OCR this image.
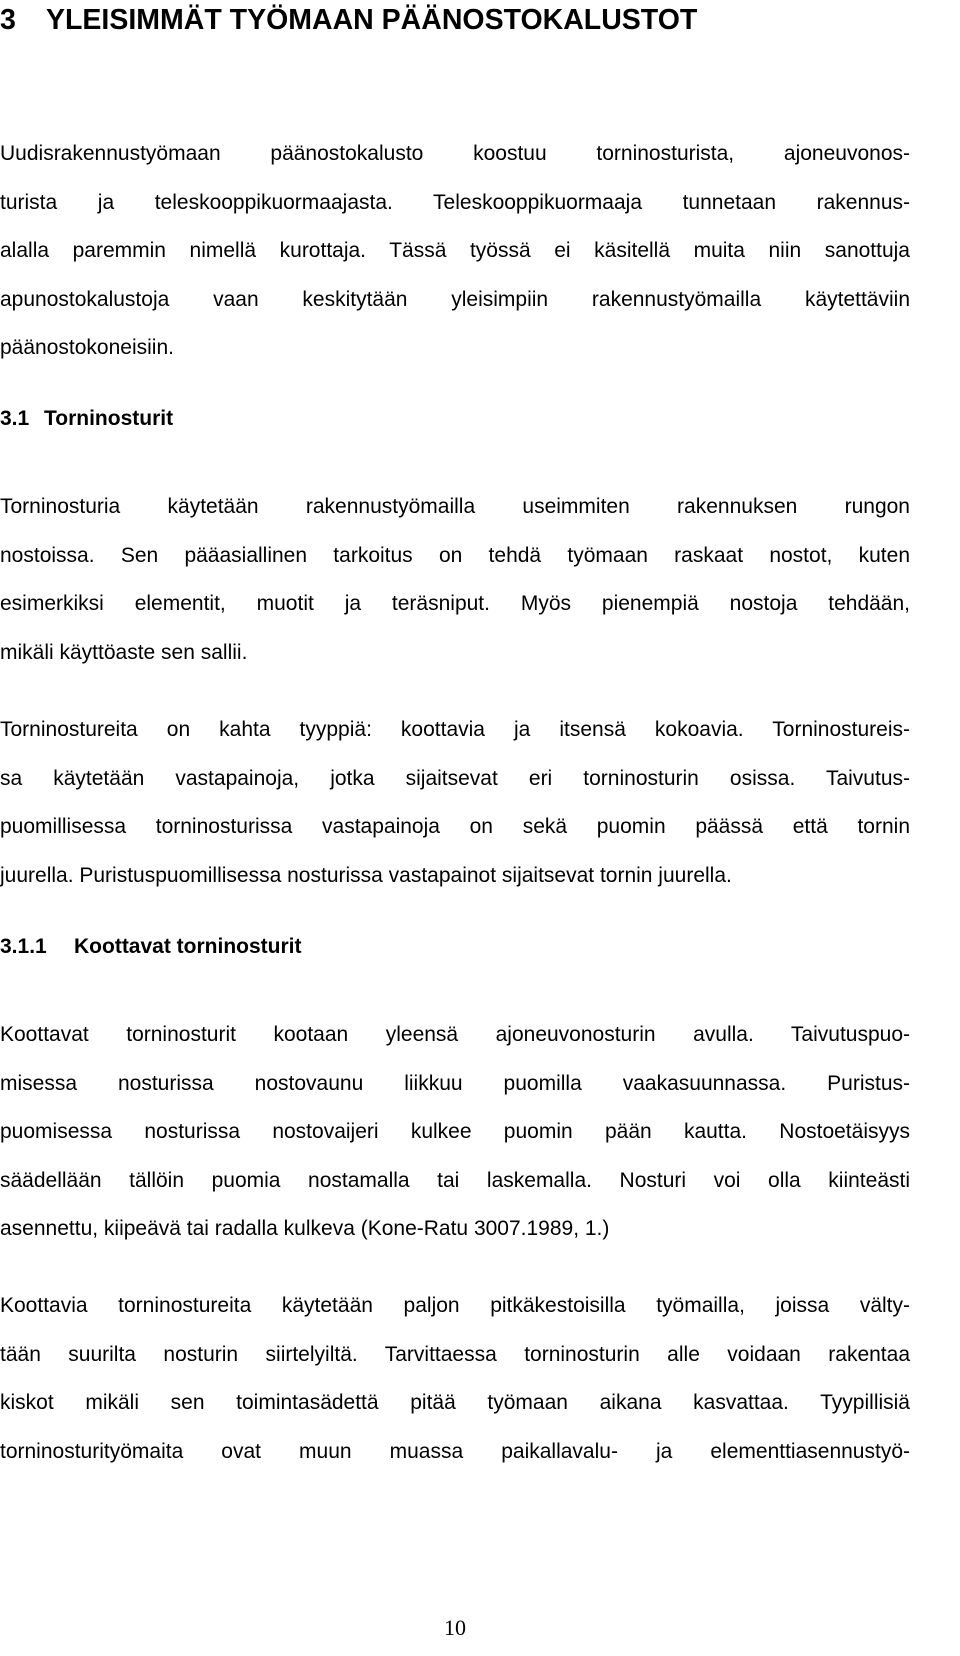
3 YLEISIMMÄT TYÖMAAN PÄÄNOSTOKALUSTOT
Uudisrakennustyömaan päänostokalusto koostuu torninosturista, ajoneuvonos-
turista ja teleskooppikuormaajasta. Teleskooppikuormaaja tunnetaan rakennus-
alalla paremmin nimellä kurottaja. Tässä työssä ei käsitellä muita niin sanottuja
apunostokalustoja vaan keskitytään yleisimpiin rakennustyömailla käytettäviin
päänostokoneisiin.
3.1 Torninosturit
Torninosturia käytetään rakennustyömailla useimmiten rakennuksen rungon
nostoissa. Sen pääasiallinen tarkoitus on tehdä työmaan raskaat nostot, kuten
esimerkiksi elementit, muotit ja teräsniput. Myös pienempiä nostoja tehdään,
mikäli käyttöaste sen sallii.
Torninostureita on kahta tyyppiä: koottavia ja itsensä kokoavia. Torninostureis-
sa käytetään vastapainoja, jotka sijaitsevat eri torninosturin osissa. Taivutus-
puomillisessa torninosturissa vastapainoja on sekä puomin päässä että tornin
juurella. Puristuspuomillisessa nosturissa vastapainot sijaitsevat tornin juurella.
3.1.1 Koottavat torninosturit
Koottavat torninosturit kootaan yleensä ajoneuvonosturin avulla. Taivutuspuo-
misessa nosturissa nostovaunu liikkuu puomilla vaakasuunnassa. Puristus-
puomisessa nosturissa nostovaijeri kulkee puomin pään kautta. Nostoetäisyys
säädellään tällöin puomia nostamalla tai laskemalla. Nosturi voi olla kiinteästi
asennettu, kiipeävä tai radalla kulkeva (Kone-Ratu 3007.1989, 1.)
Koottavia torninostureita käytetään paljon pitkäkestoisilla työmailla, joissa välty-
tään suurilta nosturin siirtelyiltä. Tarvittaessa torninosturin alle voidaan rakentaa
kiskot mikäli sen toimintasädettä pitää työmaan aikana kasvattaa. Tyypillisiä
torninosturityömaita ovat muun muassa paikallavalu- ja elementtiasennustyö-
10
